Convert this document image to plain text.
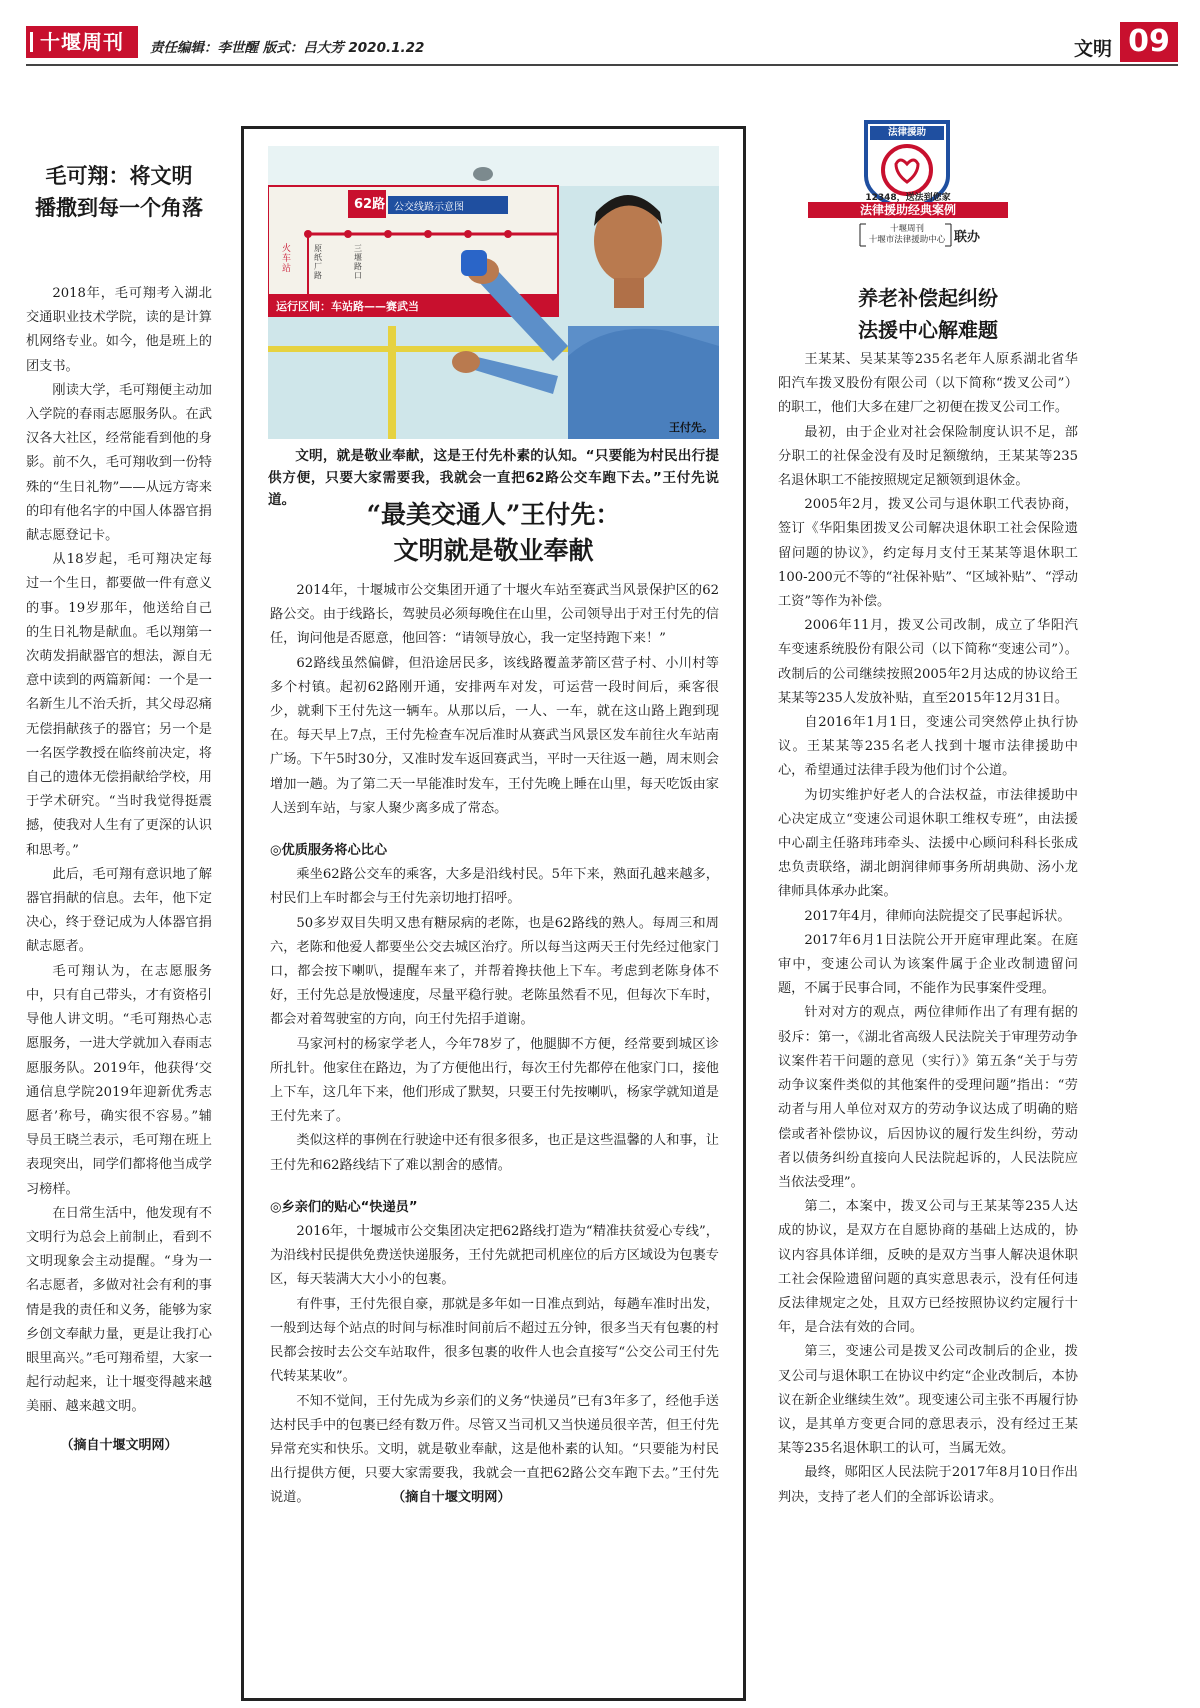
十堰周刊	责任编辑：李世醒 版式：吕大芳 2020.1.22	文明 09
毛可翔：将文明
播撒到每一个角落

2018年，毛可翔考入湖北交通职业技术学院，读的是计算机网络专业。如今，他是班上的团支书。

刚读大学，毛可翔便主动加入学院的春雨志愿服务队。在武汉各大社区，经常能看到他的身影。前不久，毛可翔收到一份特殊的“生日礼物”——从远方寄来的印有他名字的中国人体器官捐献志愿登记卡。

从18岁起，毛可翔决定每过一个生日，都要做一件有意义的事。19岁那年，他送给自己的生日礼物是献血。毛以翔第一次萌发捐献器官的想法，源自无意中读到的两篇新闻：一个是一名新生儿不治夭折，其父母忍痛无偿捐献孩子的器官；另一个是一名医学教授在临终前决定，将自己的遗体无偿捐献给学校，用于学术研究。“当时我觉得挺震撼，使我对人生有了更深的认识和思考。”

此后，毛可翔有意识地了解器官捐献的信息。去年，他下定决心，终于登记成为人体器官捐献志愿者。

毛可翔认为，在志愿服务中，只有自己带头，才有资格引导他人讲文明。“毛可翔热心志愿服务，一进大学就加入春雨志愿服务队。2019年，他获得‘交通信息学院2019年迎新优秀志愿者’称号，确实很不容易。”辅导员王晓兰表示，毛可翔在班上表现突出，同学们都将他当成学习榜样。

在日常生活中，他发现有不文明行为总会上前制止，看到不文明现象会主动提醒。“身为一名志愿者，多做对社会有利的事情是我的责任和义务，能够为家乡创文奉献力量，更是让我打心眼里高兴。”毛可翔希望，大家一起行动起来，让十堰变得越来越美丽、越来越文明。

（摘自十堰文明网）
62路 公交线路示意图
火车站
原纸厂路
三堰路口
运行区间：车站路——赛武当
王付先。
文明，就是敬业奉献，这是王付先朴素的认知。“只要能为村民出行提供方便，只要大家需要我，我就会一直把62路公交车跑下去。”王付先说道。	“最美交通人”王付先：
文明就是敬业奉献

2014年，十堰城市公交集团开通了十堰火车站至赛武当风景保护区的62路公交。由于线路长，驾驶员必须每晚住在山里，公司领导出于对王付先的信任，询问他是否愿意，他回答：“请领导放心，我一定坚持跑下来！”

62路线虽然偏僻，但沿途居民多，该线路覆盖茅箭区营子村、小川村等多个村镇。起初62路刚开通，安排两车对发，可运营一段时间后，乘客很少，就剩下王付先这一辆车。从那以后，一人、一车，就在这山路上跑到现在。每天早上7点，王付先检查车况后准时从赛武当风景区发车前往火车站南广场。下午5时30分，又准时发车返回赛武当，平时一天往返一趟，周末则会增加一趟。为了第二天一早能准时发车，王付先晚上睡在山里，每天吃饭由家人送到车站，与家人聚少离多成了常态。

◎优质服务将心比心

乘坐62路公交车的乘客，大多是沿线村民。5年下来，熟面孔越来越多，村民们上车时都会与王付先亲切地打招呼。

50多岁双目失明又患有糖尿病的老陈，也是62路线的熟人。每周三和周六，老陈和他爱人都要坐公交去城区治疗。所以每当这两天王付先经过他家门口，都会按下喇叭，提醒车来了，并帮着搀扶他上下车。考虑到老陈身体不好，王付先总是放慢速度，尽量平稳行驶。老陈虽然看不见，但每次下车时，都会对着驾驶室的方向，向王付先招手道谢。

马家河村的杨家学老人，今年78岁了，他腿脚不方便，经常要到城区诊所扎针。他家住在路边，为了方便他出行，每次王付先都停在他家门口，接他上下车，这几年下来，他们形成了默契，只要王付先按喇叭，杨家学就知道是王付先来了。

类似这样的事例在行驶途中还有很多很多，也正是这些温馨的人和事，让王付先和62路线结下了难以割舍的感情。

◎乡亲们的贴心“快递员”

2016年，十堰城市公交集团决定把62路线打造为“精准扶贫爱心专线”，为沿线村民提供免费送快递服务，王付先就把司机座位的后方区域设为包裹专区，每天装满大大小小的包裹。

有件事，王付先很自豪，那就是多年如一日准点到站，每趟车准时出发，一般到达每个站点的时间与标准时间前后不超过五分钟，很多当天有包裹的村民都会按时去公交车站取件，很多包裹的收件人也会直接写“公交公司王付先代转某某收”。

不知不觉间，王付先成为乡亲们的义务“快递员”已有3年多了，经他手送达村民手中的包裹已经有数万件。尽管又当司机又当快递员很辛苦，但王付先异常充实和快乐。文明，就是敬业奉献，这是他朴素的认知。“只要能为村民出行提供方便，只要大家需要我，我就会一直把62路公交车跑下去。”王付先说道。	（摘自十堰文明网）

法律援助
12348，送法到您家
法律援助经典案例
十堰周刊
十堰市法律援助中心 联办
养老补偿起纠纷
法援中心解难题

王某某、吴某某等235名老年人原系湖北省华阳汽车拨叉股份有限公司（以下简称“拨叉公司”）的职工，他们大多在建厂之初便在拨叉公司工作。

最初，由于企业对社会保险制度认识不足，部分职工的社保金没有及时足额缴纳，王某某等235名退休职工不能按照规定足额领到退休金。

2005年2月，拨叉公司与退休职工代表协商，签订《华阳集团拨叉公司解决退休职工社会保险遗留问题的协议》，约定每月支付王某某等退休职工100-200元不等的“社保补贴”、“区域补贴”、“浮动工资”等作为补偿。

2006年11月，拨叉公司改制，成立了华阳汽车变速系统股份有限公司（以下简称“变速公司”）。改制后的公司继续按照2005年2月达成的协议给王某某等235人发放补贴，直至2015年12月31日。

自2016年1月1日，变速公司突然停止执行协议。王某某等235名老人找到十堰市法律援助中心，希望通过法律手段为他们讨个公道。

为切实维护好老人的合法权益，市法律援助中心决定成立“变速公司退休职工维权专班”，由法援中心副主任骆玮玮牵头、法援中心顾问科科长张成忠负责联络，湖北朗润律师事务所胡典勋、汤小龙律师具体承办此案。

2017年4月，律师向法院提交了民事起诉状。

2017年6月1日法院公开开庭审理此案。在庭审中，变速公司认为该案件属于企业改制遗留问题，不属于民事合同，不能作为民事案件受理。

针对对方的观点，两位律师作出了有理有据的驳斥：第一，《湖北省高级人民法院关于审理劳动争议案件若干问题的意见（实行）》第五条“关于与劳动争议案件类似的其他案件的受理问题”指出：“劳动者与用人单位对双方的劳动争议达成了明确的赔偿或者补偿协议，后因协议的履行发生纠纷，劳动者以债务纠纷直接向人民法院起诉的，人民法院应当依法受理”。

第二，本案中，拨叉公司与王某某等235人达成的协议，是双方在自愿协商的基础上达成的，协议内容具体详细，反映的是双方当事人解决退休职工社会保险遗留问题的真实意思表示，没有任何违反法律规定之处，且双方已经按照协议约定履行十年，是合法有效的合同。

第三，变速公司是拨叉公司改制后的企业，拨叉公司与退休职工在协议中约定“企业改制后，本协议在新企业继续生效”。现变速公司主张不再履行协议，是其单方变更合同的意思表示，没有经过王某某等235名退休职工的认可，当属无效。

最终，郧阳区人民法院于2017年8月10日作出判决，支持了老人们的全部诉讼请求。
